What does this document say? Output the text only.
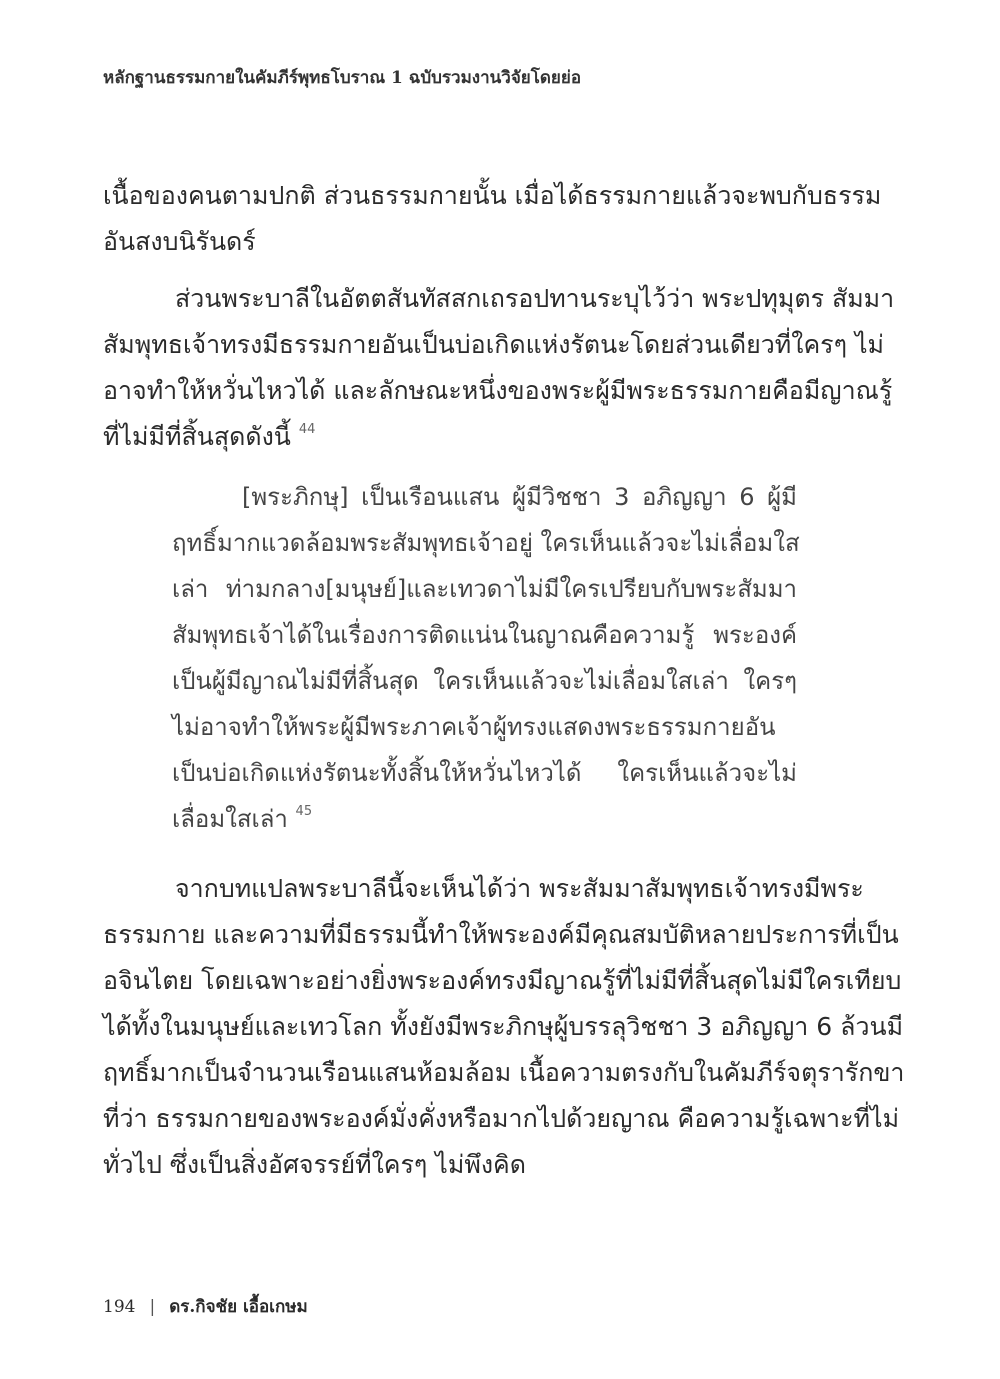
หลักฐานธรรมกายในคัมภีร์พุทธโบราณ 1 ฉบับรวมงานวิจัยโดยย่อ
เนื้อของคนตามปกติ ส่วนธรรมกายนั้น เมื่อได้ธรรมกายแล้วจะพบกับธรรม
อันสงบนิรันดร์
ส่วนพระบาลีในอัตตสันทัสสกเถรอปทานระบุไว้ว่า พระปทุมุตร สัมมา
สัมพุทธเจ้าทรงมีธรรมกายอันเป็นบ่อเกิดแห่งรัตนะโดยส่วนเดียวที่ใครๆ ไม่
อาจทำให้หวั่นไหวได้ และลักษณะหนึ่งของพระผู้มีพระธรรมกายคือมีญาณรู้
ที่ไม่มีที่สิ้นสุดดังนี้ $^{44}$
[พระภิกษุ] เป็นเรือนแสน ผู้มีวิชชา 3 อภิญญา 6 ผู้มี
ฤทธิ์มากแวดล้อมพระสัมพุทธเจ้าอยู่ ใครเห็นแล้วจะไม่เลื่อมใส
เล่า ท่ามกลาง[มนุษย์]และเทวดาไม่มีใครเปรียบกับพระสัมมา
สัมพุทธเจ้าได้ในเรื่องการติดแน่นในญาณคือความรู้ พระองค์
เป็นผู้มีญาณไม่มีที่สิ้นสุด ใครเห็นแล้วจะไม่เลื่อมใสเล่า ใครๆ
ไม่อาจทำให้พระผู้มีพระภาคเจ้าผู้ทรงแสดงพระธรรมกายอัน
เป็นบ่อเกิดแห่งรัตนะทั้งสิ้นให้หวั่นไหวได้ ใครเห็นแล้วจะไม่
เลื่อมใสเล่า $^{45}$
จากบทแปลพระบาลีนี้จะเห็นได้ว่า พระสัมมาสัมพุทธเจ้าทรงมีพระ
ธรรมกาย และความที่มีธรรมนี้ทำให้พระองค์มีคุณสมบัติหลายประการที่เป็น
อจินไตย โดยเฉพาะอย่างยิ่งพระองค์ทรงมีญาณรู้ที่ไม่มีที่สิ้นสุดไม่มีใครเทียบ
ได้ทั้งในมนุษย์และเทวโลก ทั้งยังมีพระภิกษุผู้บรรลุวิชชา 3 อภิญญา 6 ล้วนมี
ฤทธิ์มากเป็นจำนวนเรือนแสนห้อมล้อม เนื้อความตรงกับในคัมภีร์จตุรารักขา
ที่ว่า ธรรมกายของพระองค์มั่งคั่งหรือมากไปด้วยญาณ คือความรู้เฉพาะที่ไม่
ทั่วไป ซึ่งเป็นสิ่งอัศจรรย์ที่ใครๆ ไม่พึงคิด
194 | ดร.กิจชัย เอื้อเกษม
